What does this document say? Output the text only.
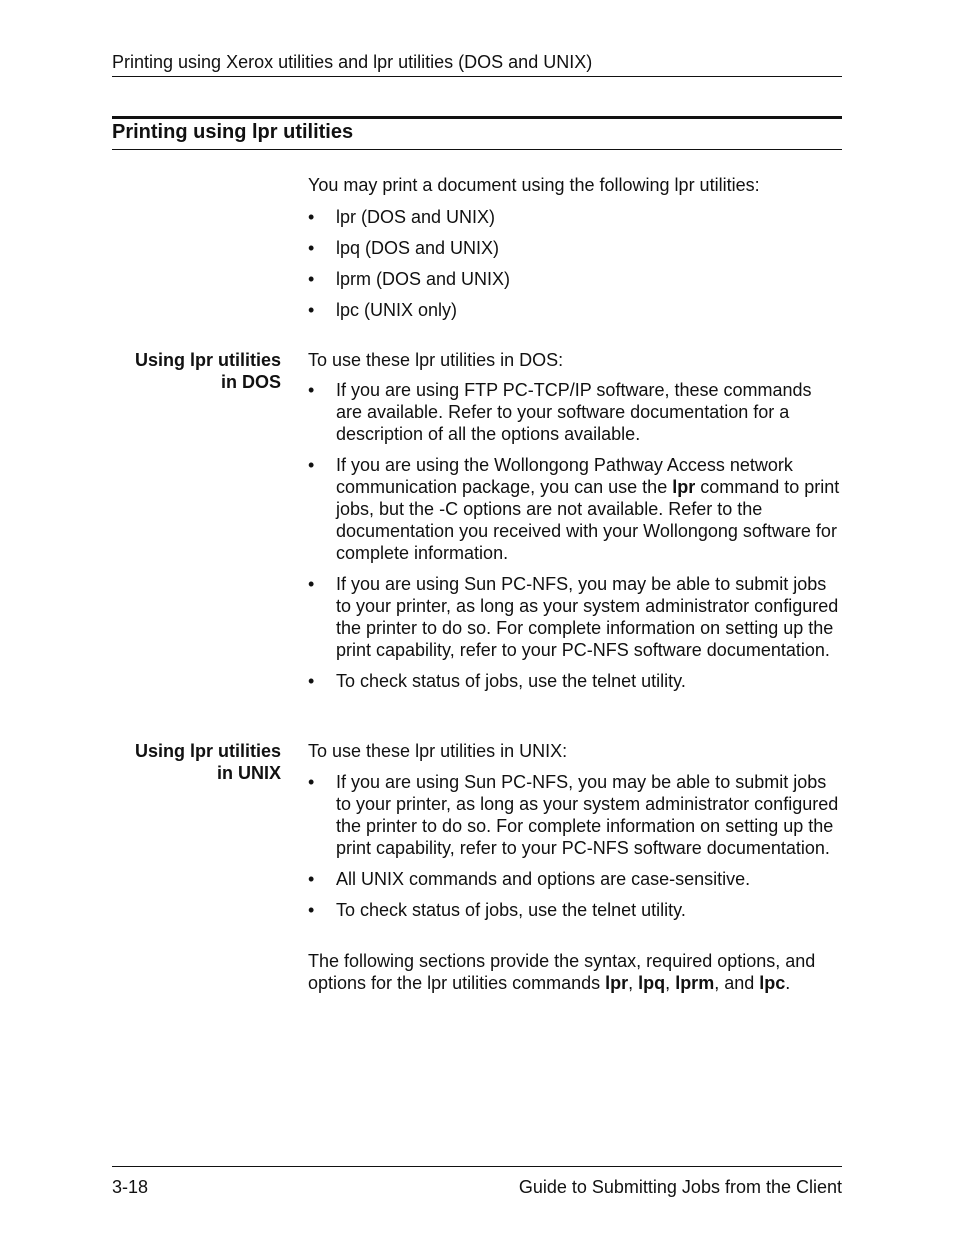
Printing using Xerox utilities and lpr utilities (DOS and UNIX)
Printing using lpr utilities
You may print a document using the following lpr utilities:
• lpr (DOS and UNIX)
• lpq (DOS and UNIX)
• lprm (DOS and UNIX)
• lpc (UNIX only)
Using lpr utilities
in DOS
To use these lpr utilities in DOS:
• If you are using FTP PC-TCP/IP software, these commands are available. Refer to your software documentation for a description of all the options available.
• If you are using the Wollongong Pathway Access network communication package, you can use the lpr command to print jobs, but the -C options are not available. Refer to the documentation you received with your Wollongong software for complete information.
• If you are using Sun PC-NFS, you may be able to submit jobs to your printer, as long as your system administrator configured the printer to do so. For complete information on setting up the print capability, refer to your PC-NFS software documentation.
• To check status of jobs, use the telnet utility.
Using lpr utilities
in UNIX
To use these lpr utilities in UNIX:
• If you are using Sun PC-NFS, you may be able to submit jobs to your printer, as long as your system administrator configured the printer to do so. For complete information on setting up the print capability, refer to your PC-NFS software documentation.
• All UNIX commands and options are case-sensitive.
• To check status of jobs, use the telnet utility.
The following sections provide the syntax, required options, and options for the lpr utilities commands lpr, lpq, lprm, and lpc.
3-18	Guide to Submitting Jobs from the Client
